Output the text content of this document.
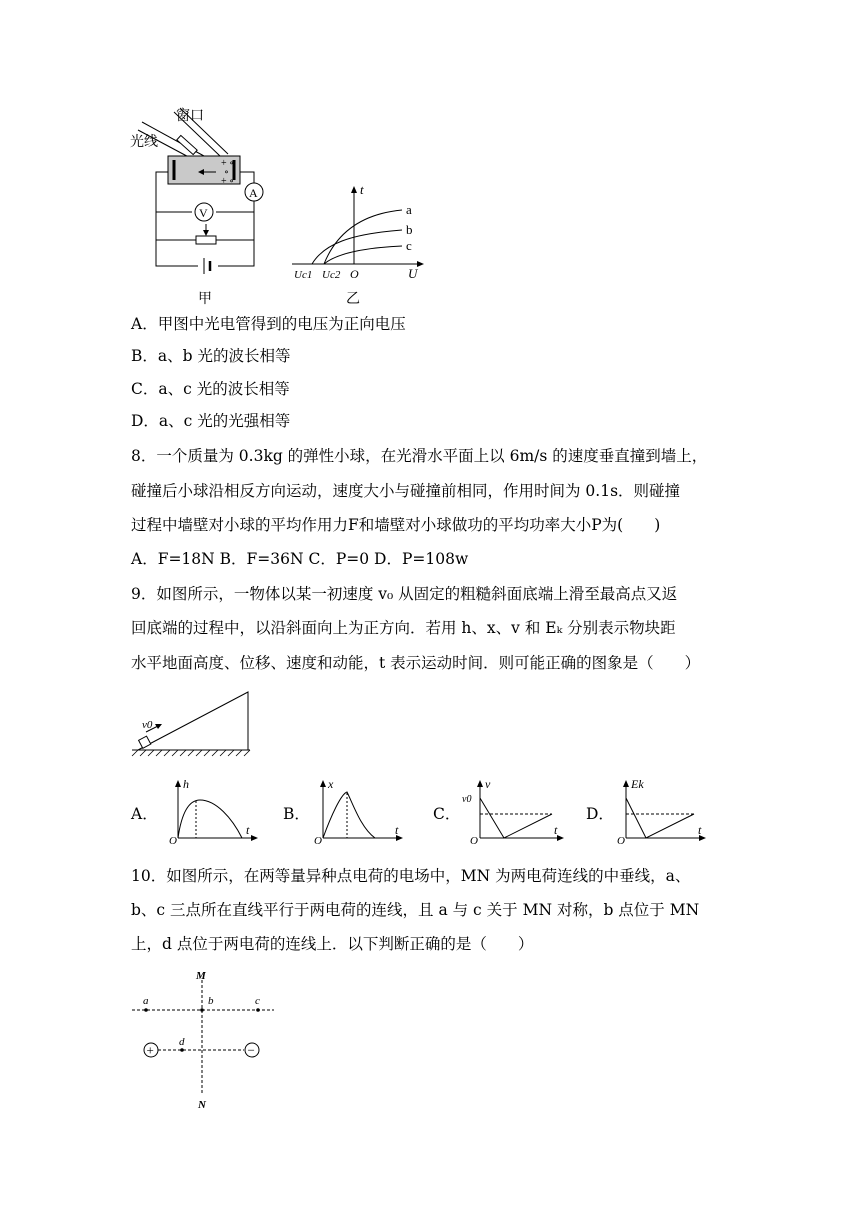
窗口
光线
+ ∘
∘
+ ∘
A
V
甲
t
a
b
c
Uc1 Uc2 O	U
乙
A．甲图中光电管得到的电压为正向电压
B．a、b 光的波长相等
C．a、c 光的波长相等
D．a、c 光的光强相等
8．一个质量为 0.3kg 的弹性小球，在光滑水平面上以 6m/s 的速度垂直撞到墙上，
碰撞后小球沿相反方向运动，速度大小与碰撞前相同，作用时间为 0.1s．则碰撞
过程中墙壁对小球的平均作用力F和墙壁对小球做功的平均功率大小P为(　　)
A．F=18N B．F=36N C．P=0 D．P=108w
9．如图所示，一物体以某一初速度 v₀ 从固定的粗糙斜面底端上滑至最高点又返
回底端的过程中，以沿斜面向上为正方向．若用 h、x、v 和 Eₖ 分别表示物块距
水平地面高度、位移、速度和动能，t 表示运动时间．则可能正确的图象是（　　）
v0
A．	B．	C．	D．
h
O
t
x
O
t
v
v0
O
t
Ek
O
t
10．如图所示，在两等量异种点电荷的电场中，MN 为两电荷连线的中垂线，a、
b、c 三点所在直线平行于两电荷的连线，且 a 与 c 关于 MN 对称，b 点位于 MN
上，d 点位于两电荷的连线上．以下判断正确的是（　　）
+	−
M
N
a	b	c
d
